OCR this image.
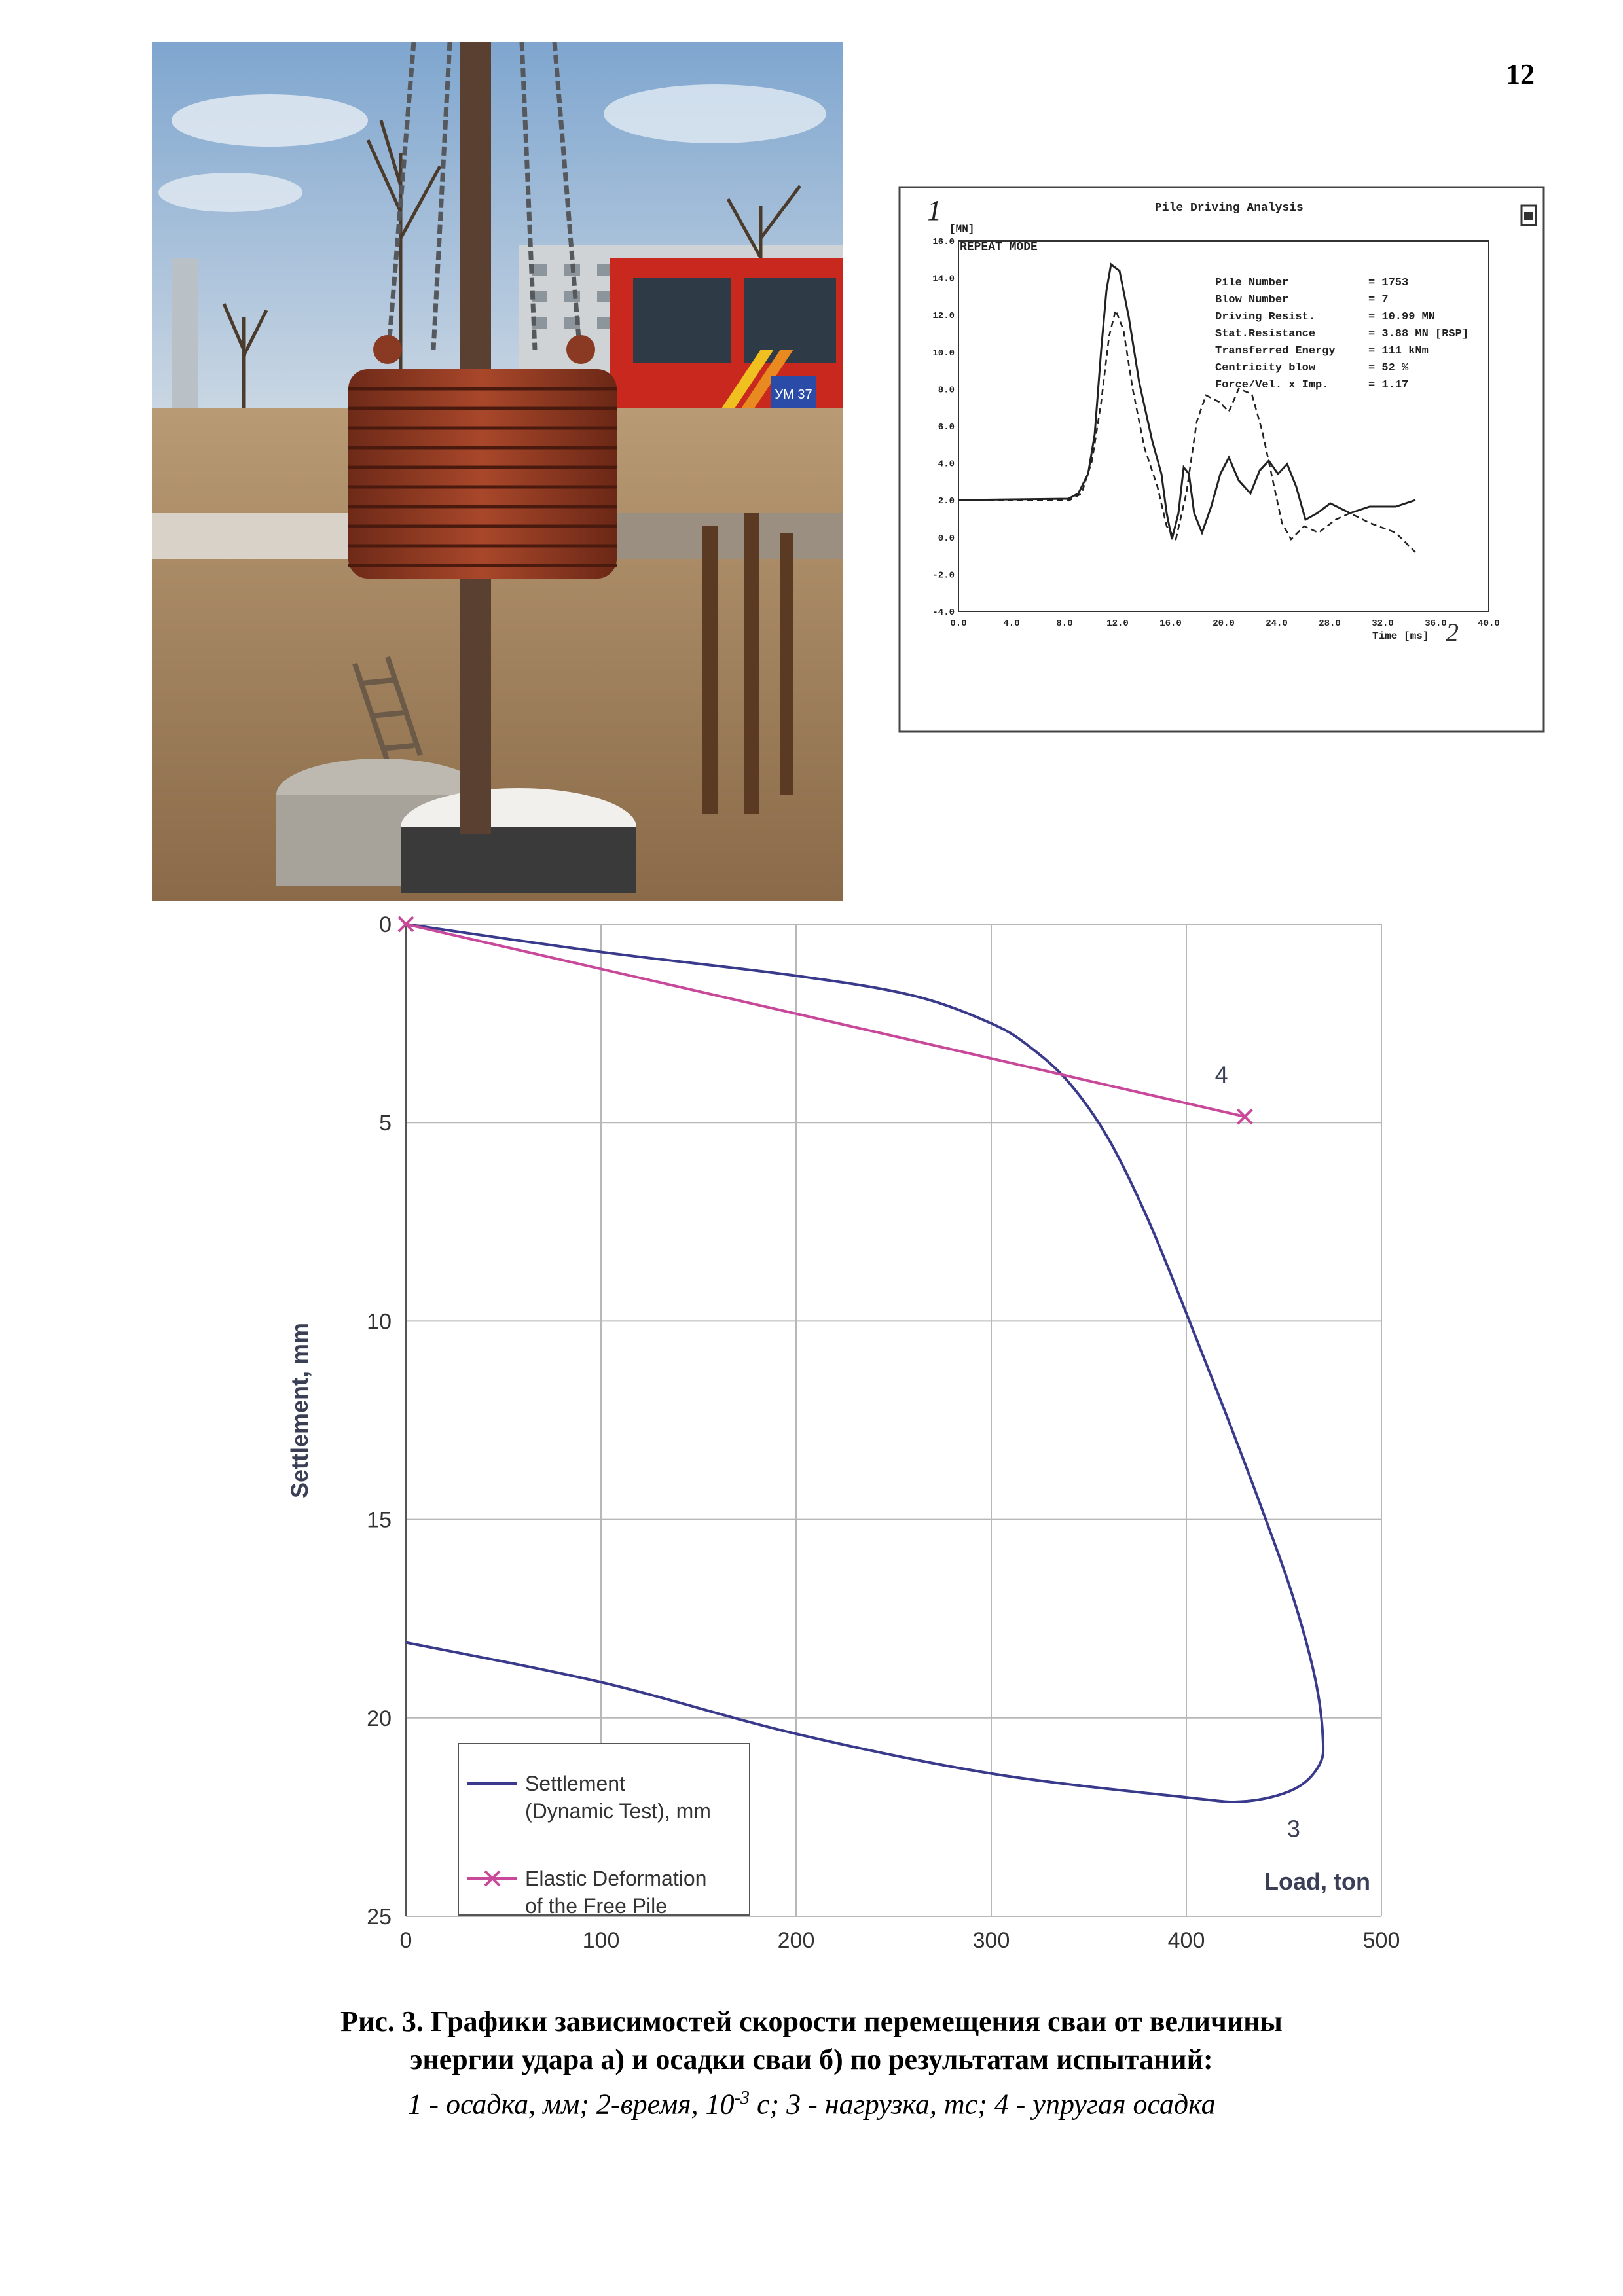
12
УМ 37
Pile Driving Analysis
1
[MN]
REPEAT MODE
16.0
14.0
12.0
10.0
8.0
6.0
4.0
2.0
0.0
-2.0
-4.0
0.0	4.0	8.0	12.0	16.0	20.0	24.0	28.0	32.0	36.0	40.0
Pile Number	= 1753
Blow Number	= 7
Driving Resist.	= 10.99 MN
Stat.Resistance	= 3.88 MN [RSP]
Transferred Energy	= 111 kNm
Centricity blow	= 52 %
Force/Vel. x Imp.	= 1.17
Time [ms] 2
0
5
10
15
20
25
0	100	200	300	400	500
4
3
Settlement, mm
Load, ton
Settlement
(Dynamic Test), mm
Elastic Deformation
of the Free Pile
Рис. 3. Графики зависимостей скорости перемещения сваи от величины
энергии удара а) и осадки сваи б) по результатам испытаний:
1 - осадка, мм; 2-время, $10^{-3}$ с; 3 - нагрузка, тс; 4 - упругая осадка
